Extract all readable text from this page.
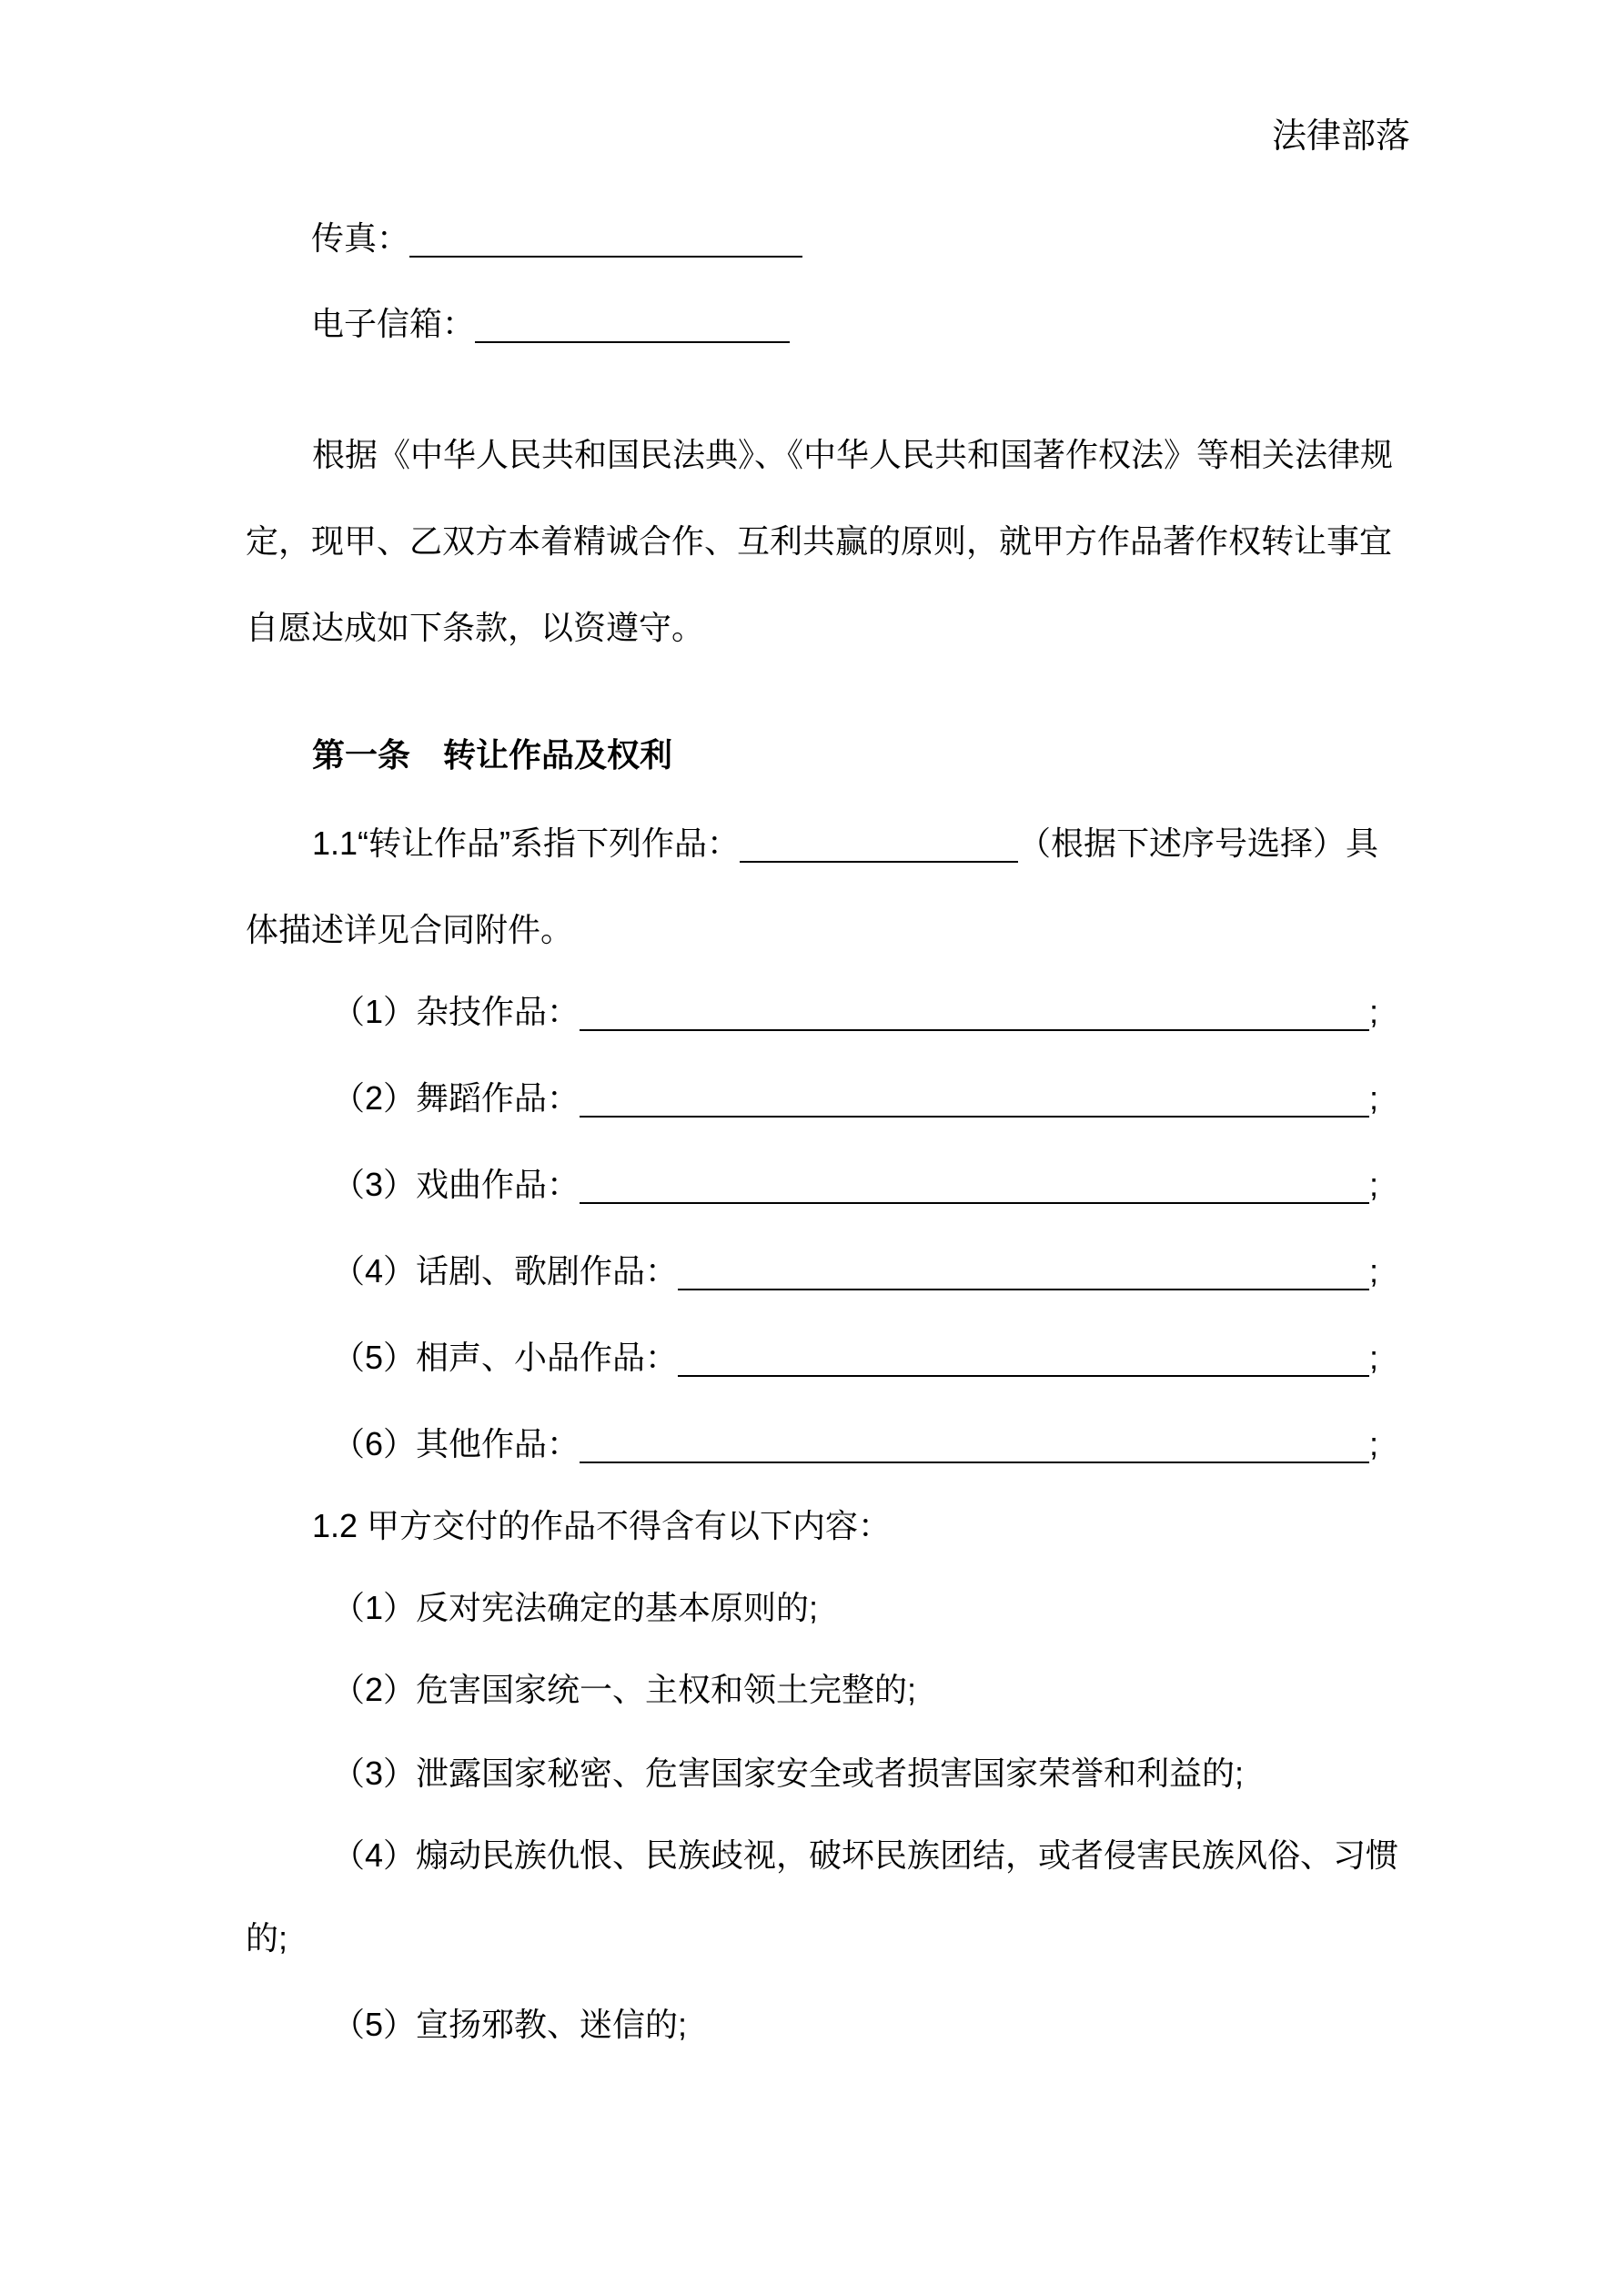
法律部落
传真：
电子信箱：
根据《中华人民共和国民法典》、《中华人民共和国著作权法》等相关法律规
定，现甲、乙双方本着精诚合作、互利共赢的原则，就甲方作品著作权转让事宜
自愿达成如下条款，以资遵守。
第一条　转让作品及权利
1.1“转让作品”系指下列作品：	（根据下述序号选择）具
体描述详见合同附件。
（1）杂技作品：	;
（2）舞蹈作品：	;
（3）戏曲作品：	;
（4）话剧、歌剧作品：	;
（5）相声、小品作品：	;
（6）其他作品：	;
1.2 甲方交付的作品不得含有以下内容：
（1）反对宪法确定的基本原则的;
（2）危害国家统一、主权和领土完整的;
（3）泄露国家秘密、危害国家安全或者损害国家荣誉和利益的;
（4）煽动民族仇恨、民族歧视，破坏民族团结，或者侵害民族风俗、习惯
的;
（5）宣扬邪教、迷信的;
